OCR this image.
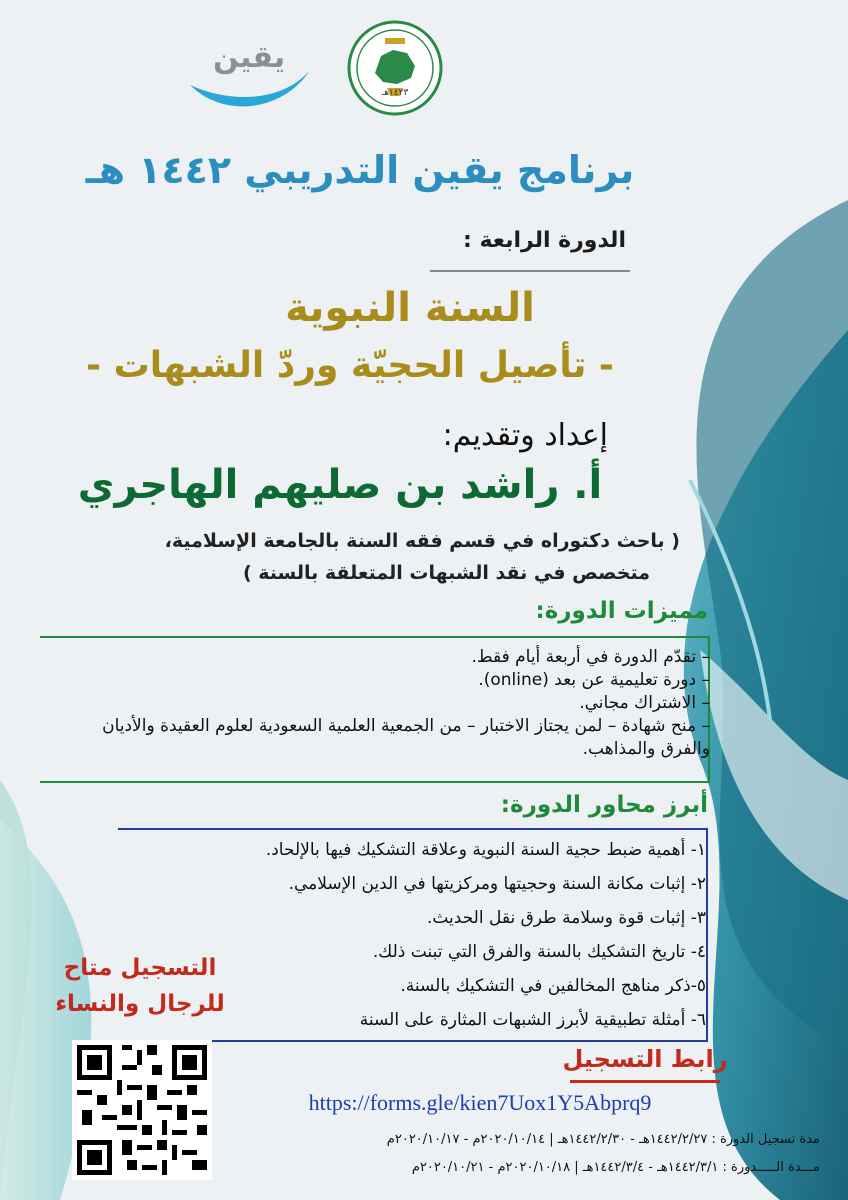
١٤٢٣هـ
يقين
برنامج يقين التدريبي ١٤٤٢ هـ
الدورة الرابعة :
السنة النبوية
- تأصيل الحجيّة وردّ الشبهات -
إعداد وتقديم:
أ. راشد بن صليهم الهاجري
( باحث دكتوراه في قسم فقه السنة بالجامعة الإسلامية،
متخصص في نقد الشبهات المتعلقة بالسنة )
مميزات الدورة:
– تقدّم الدورة في أربعة أيام فقط.
– دورة تعليمية عن بعد (online).
– الاشتراك مجاني.
– منح شهادة – لمن يجتاز الاختبار – من الجمعية العلمية السعودية لعلوم العقيدة والأديان والفرق والمذاهب.
أبرز محاور الدورة:
١- أهمية ضبط حجية السنة النبوية وعلاقة التشكيك فيها بالإلحاد.
٢- إثبات مكانة السنة وحجيتها ومركزيتها في الدين الإسلامي.
٣- إثبات قوة وسلامة طرق نقل الحديث.
٤- تاريخ التشكيك بالسنة والفرق التي تبنت ذلك.
٥-ذكر مناهج المخالفين في التشكيك بالسنة.
٦- أمثلة تطبيقية لأبرز الشبهات المثارة على السنة
التسجيل متاح
للرجال والنساء
رابط التسجيل
https://forms.gle/kien7Uox1Y5Abprq9
مدة تسجيل الدورة : ١٤٤٢/٢/٢٧هـ - ١٤٤٢/٢/٣٠هـ | ٢٠٢٠/١٠/١٤م - ٢٠٢٠/١٠/١٧م
مـــدة الـــــدورة : ١٤٤٢/٣/١هـ - ١٤٤٢/٣/٤هـ | ٢٠٢٠/١٠/١٨م - ٢٠٢٠/١٠/٢١م
